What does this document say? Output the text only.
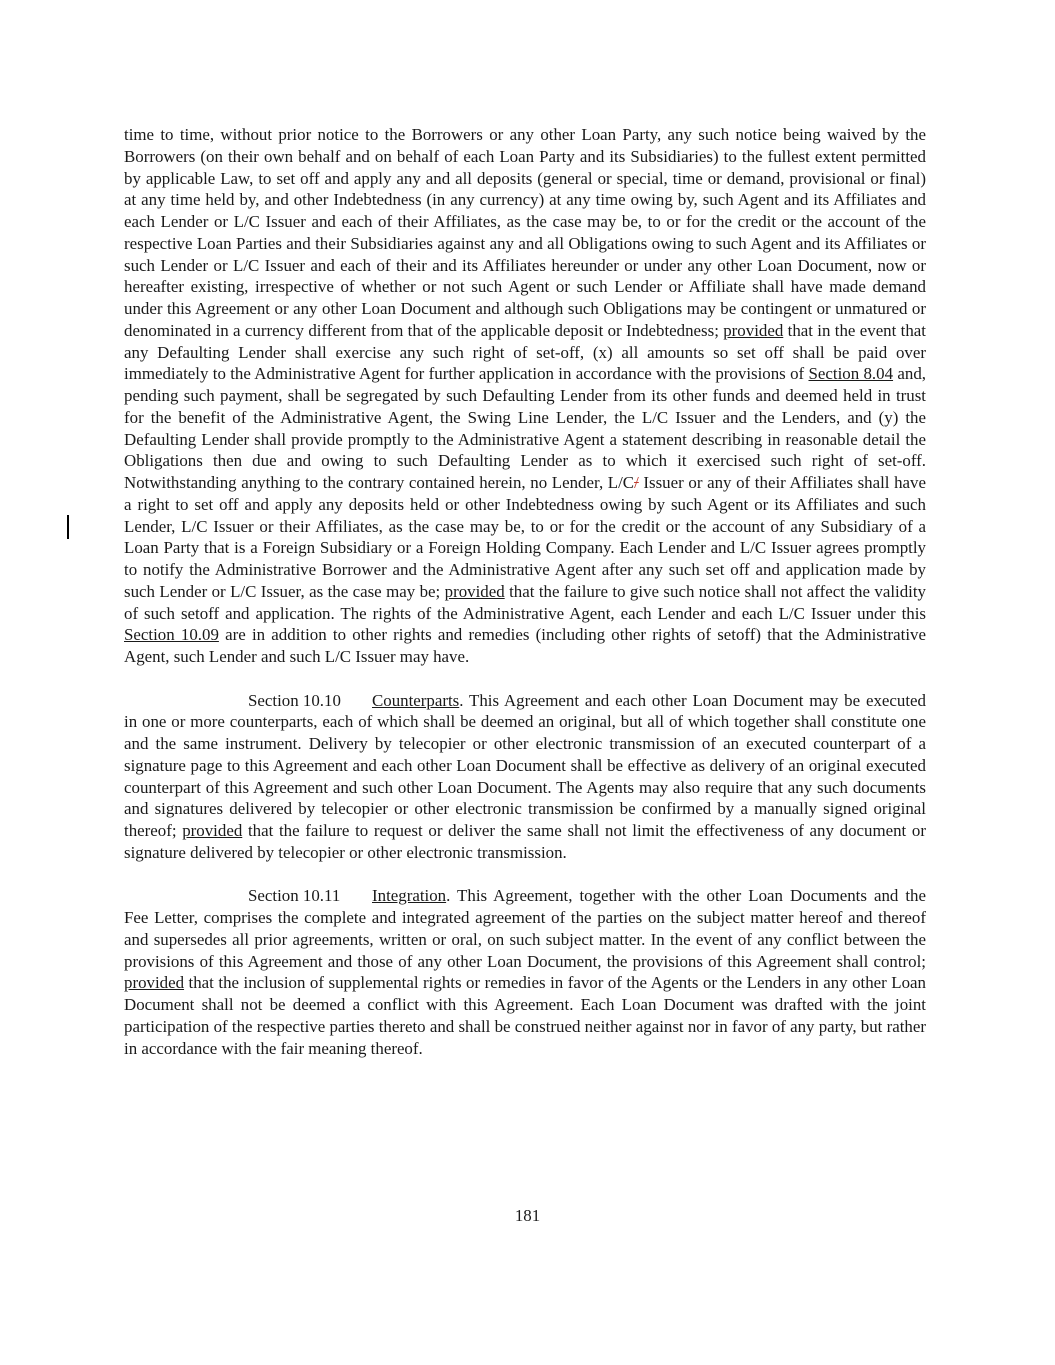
time to time, without prior notice to the Borrowers or any other Loan Party, any such notice being waived by the Borrowers (on their own behalf and on behalf of each Loan Party and its Subsidiaries) to the fullest extent permitted by applicable Law, to set off and apply any and all deposits (general or special, time or demand, provisional or final) at any time held by, and other Indebtedness (in any currency) at any time owing by, such Agent and its Affiliates and each Lender or L/C Issuer and each of their Affiliates, as the case may be, to or for the credit or the account of the respective Loan Parties and their Subsidiaries against any and all Obligations owing to such Agent and its Affiliates or such Lender or L/C Issuer and each of their and its Affiliates hereunder or under any other Loan Document, now or hereafter existing, irrespective of whether or not such Agent or such Lender or Affiliate shall have made demand under this Agreement or any other Loan Document and although such Obligations may be contingent or unmatured or denominated in a currency different from that of the applicable deposit or Indebtedness; provided that in the event that any Defaulting Lender shall exercise any such right of set-off, (x) all amounts so set off shall be paid over immediately to the Administrative Agent for further application in accordance with the provisions of Section 8.04 and, pending such payment, shall be segregated by such Defaulting Lender from its other funds and deemed held in trust for the benefit of the Administrative Agent, the Swing Line Lender, the L/C Issuer and the Lenders, and (y) the Defaulting Lender shall provide promptly to the Administrative Agent a statement describing in reasonable detail the Obligations then due and owing to such Defaulting Lender as to which it exercised such right of set-off. Notwithstanding anything to the contrary contained herein, no Lender, L/C/ Issuer or any of their Affiliates shall have a right to set off and apply any deposits held or other Indebtedness owing by such Agent or its Affiliates and such Lender, L/C Issuer or their Affiliates, as the case may be, to or for the credit or the account of any Subsidiary of a Loan Party that is a Foreign Subsidiary or a Foreign Holding Company. Each Lender and L/C Issuer agrees promptly to notify the Administrative Borrower and the Administrative Agent after any such set off and application made by such Lender or L/C Issuer, as the case may be; provided that the failure to give such notice shall not affect the validity of such setoff and application. The rights of the Administrative Agent, each Lender and each L/C Issuer under this Section 10.09 are in addition to other rights and remedies (including other rights of setoff) that the Administrative Agent, such Lender and such L/C Issuer may have.

Section 10.10 Counterparts. This Agreement and each other Loan Document may be executed in one or more counterparts, each of which shall be deemed an original, but all of which together shall constitute one and the same instrument. Delivery by telecopier or other electronic transmission of an executed counterpart of a signature page to this Agreement and each other Loan Document shall be effective as delivery of an original executed counterpart of this Agreement and such other Loan Document. The Agents may also require that any such documents and signatures delivered by telecopier or other electronic transmission be confirmed by a manually signed original thereof; provided that the failure to request or deliver the same shall not limit the effectiveness of any document or signature delivered by telecopier or other electronic transmission.

Section 10.11 Integration. This Agreement, together with the other Loan Documents and the Fee Letter, comprises the complete and integrated agreement of the parties on the subject matter hereof and thereof and supersedes all prior agreements, written or oral, on such subject matter. In the event of any conflict between the provisions of this Agreement and those of any other Loan Document, the provisions of this Agreement shall control; provided that the inclusion of supplemental rights or remedies in favor of the Agents or the Lenders in any other Loan Document shall not be deemed a conflict with this Agreement. Each Loan Document was drafted with the joint participation of the respective parties thereto and shall be construed neither against nor in favor of any party, but rather in accordance with the fair meaning thereof.

181
